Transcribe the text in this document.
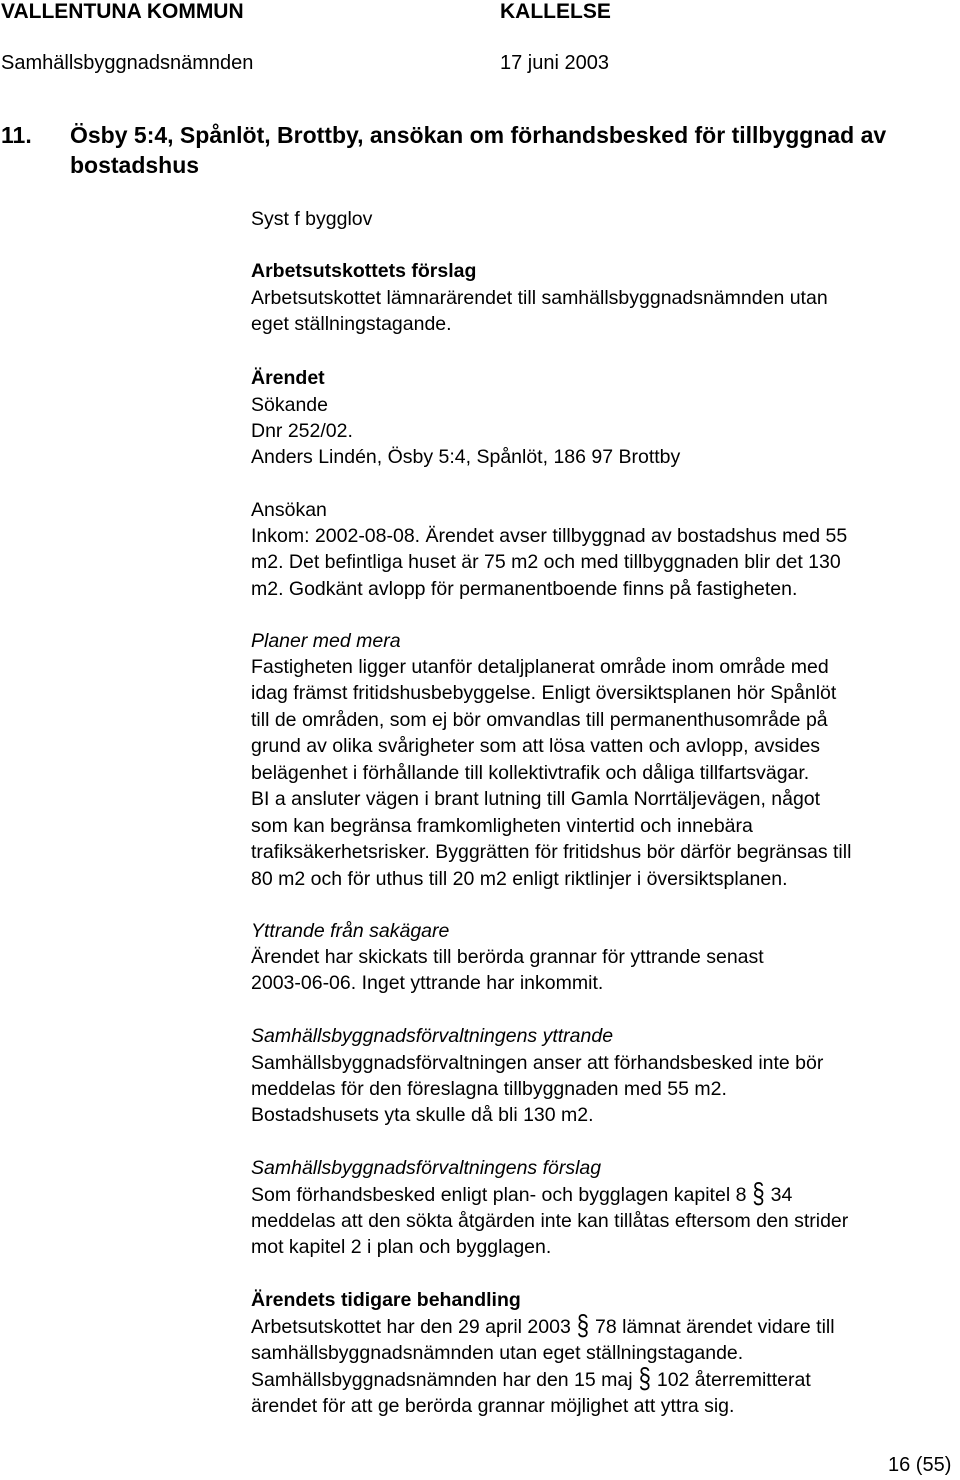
VALLENTUNA KOMMUN	KALLELSE
Samhällsbyggnadsnämnden	17 juni 2003
11. Ösby 5:4, Spånlöt, Brottby, ansökan om förhandsbesked för tillbyggnad av
bostadshus
Syst f bygglov
Arbetsutskottets förslag
Arbetsutskottet lämnarärendet till samhällsbyggnadsnämnden utan
eget ställningstagande.
Ärendet
Sökande
Dnr 252/02.
Anders Lindén, Ösby 5:4, Spånlöt, 186 97 Brottby
Ansökan
Inkom: 2002-08-08. Ärendet avser tillbyggnad av bostadshus med 55
m2. Det befintliga huset är 75 m2 och med tillbyggnaden blir det 130
m2. Godkänt avlopp för permanentboende finns på fastigheten.
Planer med mera
Fastigheten ligger utanför detaljplanerat område inom område med
idag främst fritidshusbebyggelse. Enligt översiktsplanen hör Spånlöt
till de områden, som ej bör omvandlas till permanenthusområde på
grund av olika svårigheter som att lösa vatten och avlopp, avsides
belägenhet i förhållande till kollektivtrafik och dåliga tillfartsvägar.
BI a ansluter vägen i brant lutning till Gamla Norrtäljevägen, något
som kan begränsa framkomligheten vintertid och innebära
trafiksäkerhetsrisker. Byggrätten för fritidshus bör därför begränsas till
80 m2 och för uthus till 20 m2 enligt riktlinjer i översiktsplanen.
Yttrande från sakägare
Ärendet har skickats till berörda grannar för yttrande senast
2003-06-06. Inget yttrande har inkommit.
Samhällsbyggnadsförvaltningens yttrande
Samhällsbyggnadsförvaltningen anser att förhandsbesked inte bör
meddelas för den föreslagna tillbyggnaden med 55 m2.
Bostadshusets yta skulle då bli 130 m2.
Samhällsbyggnadsförvaltningens förslag
Som förhandsbesked enligt plan- och bygglagen kapitel 8 § 34
meddelas att den sökta åtgärden inte kan tillåtas eftersom den strider
mot kapitel 2 i plan och bygglagen.
Ärendets tidigare behandling
Arbetsutskottet har den 29 april 2003 § 78 lämnat ärendet vidare till
samhällsbyggnadsnämnden utan eget ställningstagande.
Samhällsbyggnadsnämnden har den 15 maj § 102 återremitterat
ärendet för att ge berörda grannar möjlighet att yttra sig.
16 (55)
